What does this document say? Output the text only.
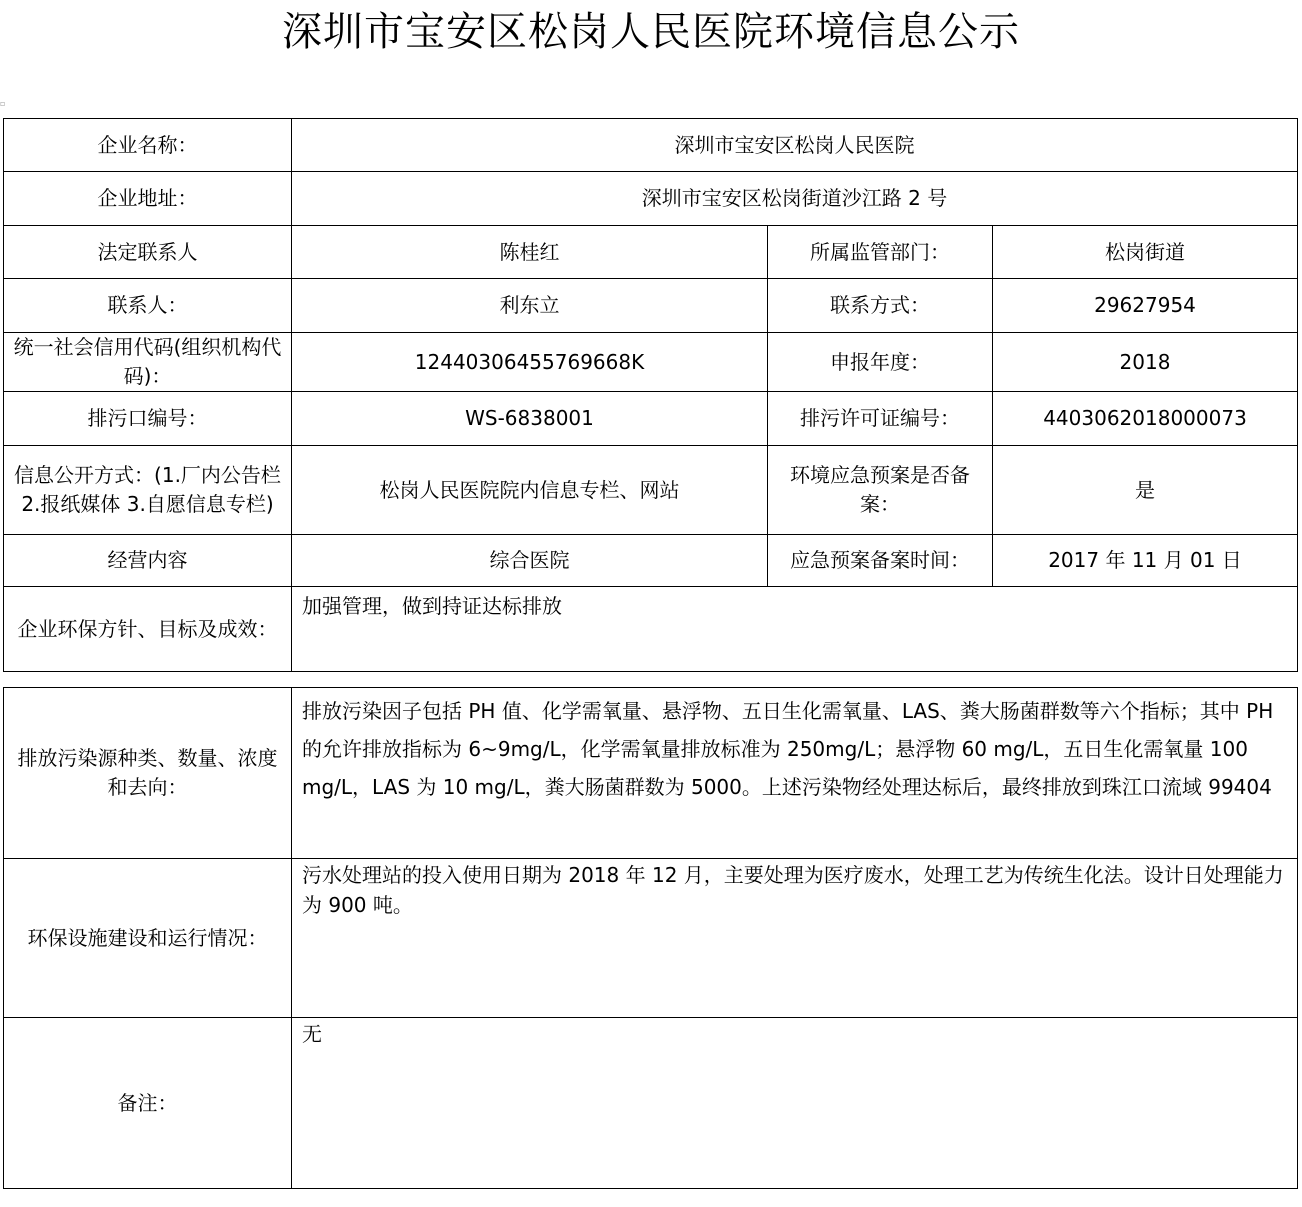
深圳市宝安区松岗人民医院环境信息公示
▫
企业名称：	深圳市宝安区松岗人民医院		
企业地址：	深圳市宝安区松岗街道沙江路 2 号		
法定联系人	陈桂红	所属监管部门：	松岗街道
联系人：	利东立	联系方式：	29627954
统一社会信用代码(组织机构代码)：	12440306455769668K	申报年度：	2018
排污口编号：	WS-6838001	排污许可证编号：	4403062018000073
信息公开方式：(1.厂内公告栏 2.报纸媒体 3.自愿信息专栏)	松岗人民医院院内信息专栏、网站	环境应急预案是否备案：	是
经营内容	综合医院	应急预案备案时间：	2017 年 11 月 01 日
企业环保方针、目标及成效：	加强管理，做到持证达标排放		
排放污染源种类、数量、浓度和去向：	排放污染因子包括 PH 值、化学需氧量、悬浮物、五日生化需氧量、LAS、粪大肠菌群数等六个指标；其中 PH 的允许排放指标为 6~9mg/L，化学需氧量排放标准为 250mg/L；悬浮物 60 mg/L，五日生化需氧量 100 mg/L，LAS 为 10 mg/L，粪大肠菌群数为 5000。上述污染物经处理达标后，最终排放到珠江口流域 99404
环保设施建设和运行情况：	污水处理站的投入使用日期为 2018 年 12 月，主要处理为医疗废水，处理工艺为传统生化法。设计日处理能力为 900 吨。
备注：	无
